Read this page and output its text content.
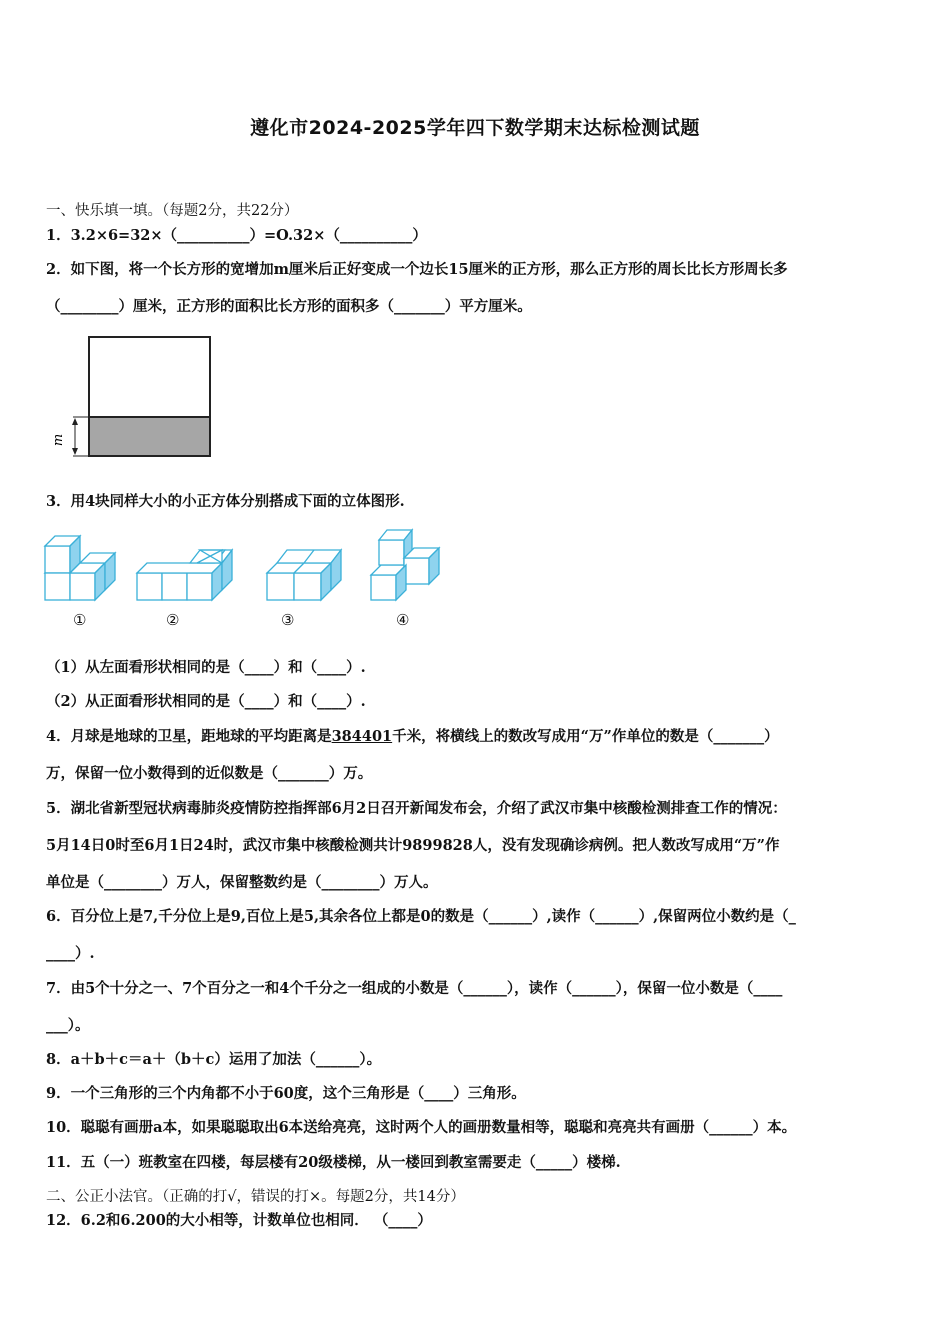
遵化市2024-2025学年四下数学期末达标检测试题
一、快乐填一填。（每题2分，共22分）
1．3.2×6=32×（__________）=O.32×（__________）
2．如下图，将一个长方形的宽增加m厘米后正好变成一个边长15厘米的正方形，那么正方形的周长比长方形周长多
（________）厘米，正方形的面积比长方形的面积多（_______）平方厘米。
m
3．用4块同样大小的小正方体分别搭成下面的立体图形.
①	②	③	④
（1）从左面看形状相同的是（____）和（____）.
（2）从正面看形状相同的是（____）和（____）.
4．月球是地球的卫星，距地球的平均距离是384401千米，将横线上的数改写成用“万”作单位的数是（_______）
万，保留一位小数得到的近似数是（_______）万。
5．湖北省新型冠状病毒肺炎疫情防控指挥部6月2日召开新闻发布会，介绍了武汉市集中核酸检测排查工作的情况：
5月14日0时至6月1日24时，武汉市集中核酸检测共计9899828人，没有发现确诊病例。把人数改写成用“万”作
单位是（________）万人，保留整数约是（________）万人。
6．百分位上是7,千分位上是9,百位上是5,其余各位上都是0的数是（______）,读作（______）,保留两位小数约是（_
____）.
7．由5个十分之一、7个百分之一和4个千分之一组成的小数是（______），读作（______），保留一位小数是（____
___）。
8．a＋b＋c＝a＋（b＋c）运用了加法（______）。
9．一个三角形的三个内角都不小于60度，这个三角形是（____）三角形。
10．聪聪有画册a本，如果聪聪取出6本送给亮亮，这时两个人的画册数量相等，聪聪和亮亮共有画册（______）本。
11．五（一）班教室在四楼，每层楼有20级楼梯，从一楼回到教室需要走（_____）楼梯.
二、公正小法官。（正确的打√，错误的打×。每题2分，共14分）
12．6.2和6.200的大小相等，计数单位也相同． （____）
